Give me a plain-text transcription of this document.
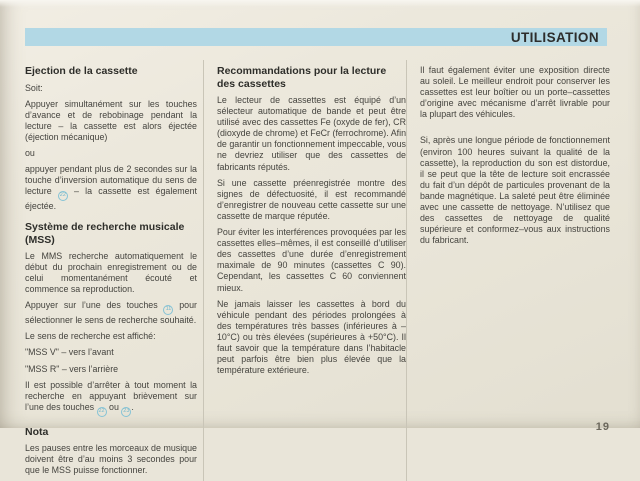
UTILISATION
Ejection de la cassette

Soit:

Appuyer simultanément sur les touches d’avance et de rebobinage pendant la lecture – la cassette est alors éjectée (éjection mécanique)

ou

appuyer pendant plus de 2 secondes sur la touche d’inversion automatique du sens de lecture 22 – la cassette est également éjectée.

Système de recherche musicale (MSS)

Le MMS recherche automatiquement le début du prochain enregistrement ou de celui momentanément écouté et commence sa reproduction.

Appuyer sur l’une des touches 11 pour sélectionner le sens de recherche souhaité.

Le sens de recherche est affiché:

"MSS V" – vers l’avant

"MSS R" – vers l’arrière

Il est possible d’arrêter à tout moment la recherche en appuyant brièvement sur l’une des touches 22 ou 23 .

Nota

Les pauses entre les morceaux de musique doivent être d’au moins 3 secondes pour que le MSS puisse fonctionner.

Recommandations pour la lecture des cassettes

Le lecteur de cassettes est équipé d’un sélecteur automatique de bande et peut être utilisé avec des cassettes Fe (oxyde de fer), CR (dioxyde de chrome) et FeCr (ferrochrome). Afin de garantir un fonctionnement impeccable, vous ne devriez utiliser que des cassettes de fabricants réputés.

Si une cassette préenregistrée montre des signes de défectuosité, il est recommandé d’enregistrer de nouveau cette cassette sur une cassette de marque réputée.

Pour éviter les interférences provoquées par les cassettes elles–mêmes, il est conseillé d’utiliser des cassettes d’une durée d’enregistrement maximale de 90 minutes (cassettes C 90). Cependant, les cassettes C 60 conviennent mieux.

Ne jamais laisser les cassettes à bord du véhicule pendant des périodes prolongées à des températures très basses (inférieures à –10°C) ou très élevées (supérieures à +50°C). Il faut savoir que la température dans l’habitacle peut parfois être bien plus élevée que la température extérieure.

Il faut également éviter une exposition directe au soleil. Le meilleur endroit pour conserver les cassettes est leur boîtier ou un porte–cassettes d’origine avec mécanisme d’arrêt livrable pour la plupart des véhicules.

Si, après une longue période de fonctionnement (environ 100 heures suivant la qualité de la cassette), la reproduction du son est distordue, il se peut que la tête de lecture soit encrassée du fait d’un dépôt de particules provenant de la bande magnétique. La saleté peut être éliminée avec une cassette de nettoyage. N’utilisez que des cassettes de nettoyage de qualité supérieure et conformez–vous aux instructions du fabricant.

19
